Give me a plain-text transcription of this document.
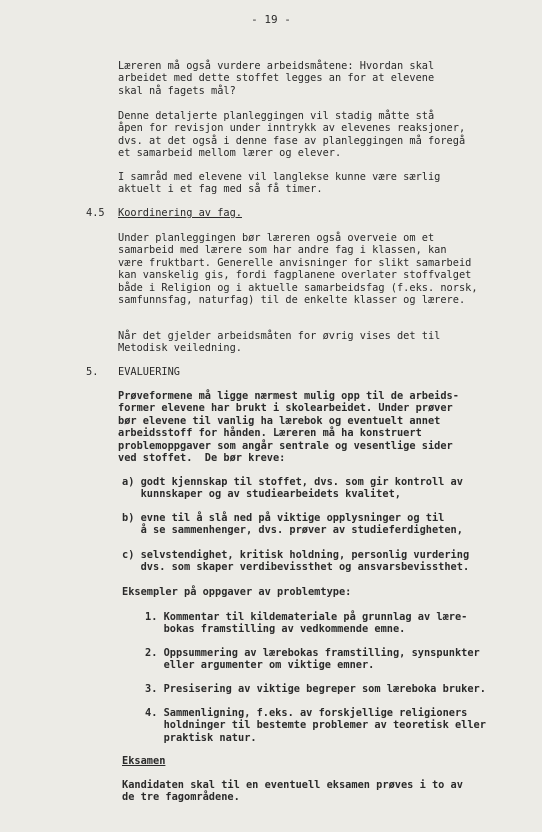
- 19 -
Læreren må også vurdere arbeidsmåtene: Hvordan skal
arbeidet med dette stoffet legges an for at elevene
skal nå fagets mål?
Denne detaljerte planleggingen vil stadig måtte stå
åpen for revisjon under inntrykk av elevenes reaksjoner,
dvs. at det også i denne fase av planleggingen må foregå
et samarbeid mellom lærer og elever.
I samråd med elevene vil langlekse kunne være særlig
aktuelt i et fag med så få timer.
4.5 Koordinering av fag.
Under planleggingen bør læreren også overveie om et
samarbeid med lærere som har andre fag i klassen, kan
være fruktbart. Generelle anvisninger for slikt samarbeid
kan vanskelig gis, fordi fagplanene overlater stoffvalget
både i Religion og i aktuelle samarbeidsfag (f.eks. norsk,
samfunnsfag, naturfag) til de enkelte klasser og lærere.
Når det gjelder arbeidsmåten for øvrig vises det til
Metodisk veiledning.
5. EVALUERING
Prøveformene må ligge nærmest mulig opp til de arbeids-
former elevene har brukt i skolearbeidet. Under prøver
bør elevene til vanlig ha lærebok og eventuelt annet
arbeidsstoff for hånden. Læreren må ha konstruert
problemoppgaver som angår sentrale og vesentlige sider
ved stoffet.  De bør kreve:
a) godt kjennskap til stoffet, dvs. som gir kontroll av
kunnskaper og av studiearbeidets kvalitet,
b) evne til å slå ned på viktige opplysninger og til
å se sammenhenger, dvs. prøver av studieferdigheten,
c) selvstendighet, kritisk holdning, personlig vurdering
dvs. som skaper verdibevissthet og ansvarsbevissthet.
Eksempler på oppgaver av problemtype:
1. Kommentar til kildemateriale på grunnlag av lære-
bokas framstilling av vedkommende emne.
2. Oppsummering av lærebokas framstilling, synspunkter
eller argumenter om viktige emner.
3. Presisering av viktige begreper som læreboka bruker.
4. Sammenligning, f.eks. av forskjellige religioners
holdninger til bestemte problemer av teoretisk eller
praktisk natur.
Eksamen
Kandidaten skal til en eventuell eksamen prøves i to av
de tre fagområdene.
